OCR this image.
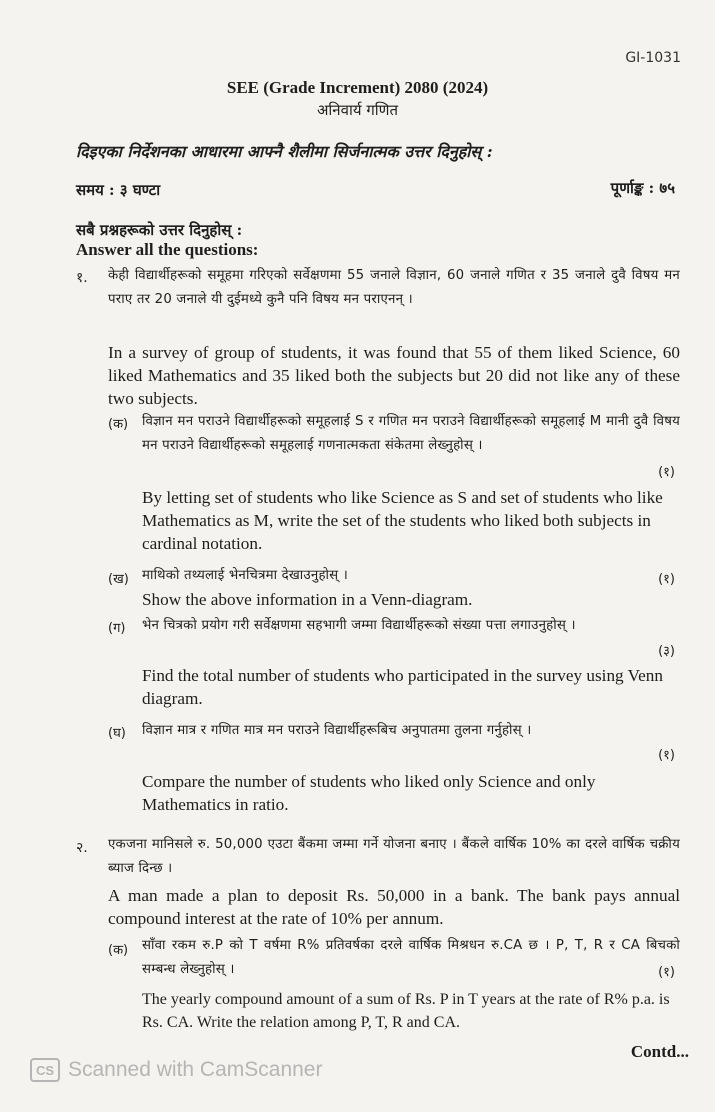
GI-1031
SEE (Grade Increment) 2080 (2024)
अनिवार्य गणित
दिइएका निर्देशनका आधारमा आफ्नै शैलीमा सिर्जनात्मक उत्तर दिनुहोस् :
समय : ३ घण्टा	पूर्णाङ्क : ७५
सबै प्रश्नहरूको उत्तर दिनुहोस् :
Answer all the questions:
१. केही विद्यार्थीहरूको समूहमा गरिएको सर्वेक्षणमा 55 जनाले विज्ञान, 60 जनाले गणित र 35 जनाले दुवै विषय मन पराए तर 20 जनाले यी दुईमध्ये कुनै पनि विषय मन पराएनन् ।
In a survey of group of students, it was found that 55 of them liked Science, 60 liked Mathematics and 35 liked both the subjects but 20 did not like any of these two subjects.
(क) विज्ञान मन पराउने विद्यार्थीहरूको समूहलाई S र गणित मन पराउने विद्यार्थीहरूको समूहलाई M मानी दुवै विषय मन पराउने विद्यार्थीहरूको समूहलाई गणनात्मकता संकेतमा लेख्नुहोस् ।
(१)
By letting set of students who like Science as S and set of students who like Mathematics as M, write the set of the students who liked both subjects in cardinal notation.
(ख) माथिको तथ्यलाई भेनचित्रमा देखाउनुहोस् ।	(१)
Show the above information in a Venn-diagram.
(ग) भेन चित्रको प्रयोग गरी सर्वेक्षणमा सहभागी जम्मा विद्यार्थीहरूको संख्या पत्ता लगाउनुहोस् ।
(३)
Find the total number of students who participated in the survey using Venn diagram.
(घ) विज्ञान मात्र र गणित मात्र मन पराउने विद्यार्थीहरूबिच अनुपातमा तुलना गर्नुहोस् ।
(१)
Compare the number of students who liked only Science and only Mathematics in ratio.
२. एकजना मानिसले रु. 50,000 एउटा बैंकमा जम्मा गर्ने योजना बनाए । बैंकले वार्षिक 10% का दरले वार्षिक चक्रीय ब्याज दिन्छ ।
A man made a plan to deposit Rs. 50,000 in a bank. The bank pays annual compound interest at the rate of 10% per annum.
(क) साँवा रकम रु.P को T वर्षमा R% प्रतिवर्षका दरले वार्षिक मिश्रधन रु.CA छ । P, T, R र CA बिचको सम्बन्ध लेख्नुहोस् ।	(१)
The yearly compound amount of a sum of Rs. P in T years at the rate of R% p.a. is Rs. CA. Write the relation among P, T, R and CA.
Contd...
CS Scanned with CamScanner
